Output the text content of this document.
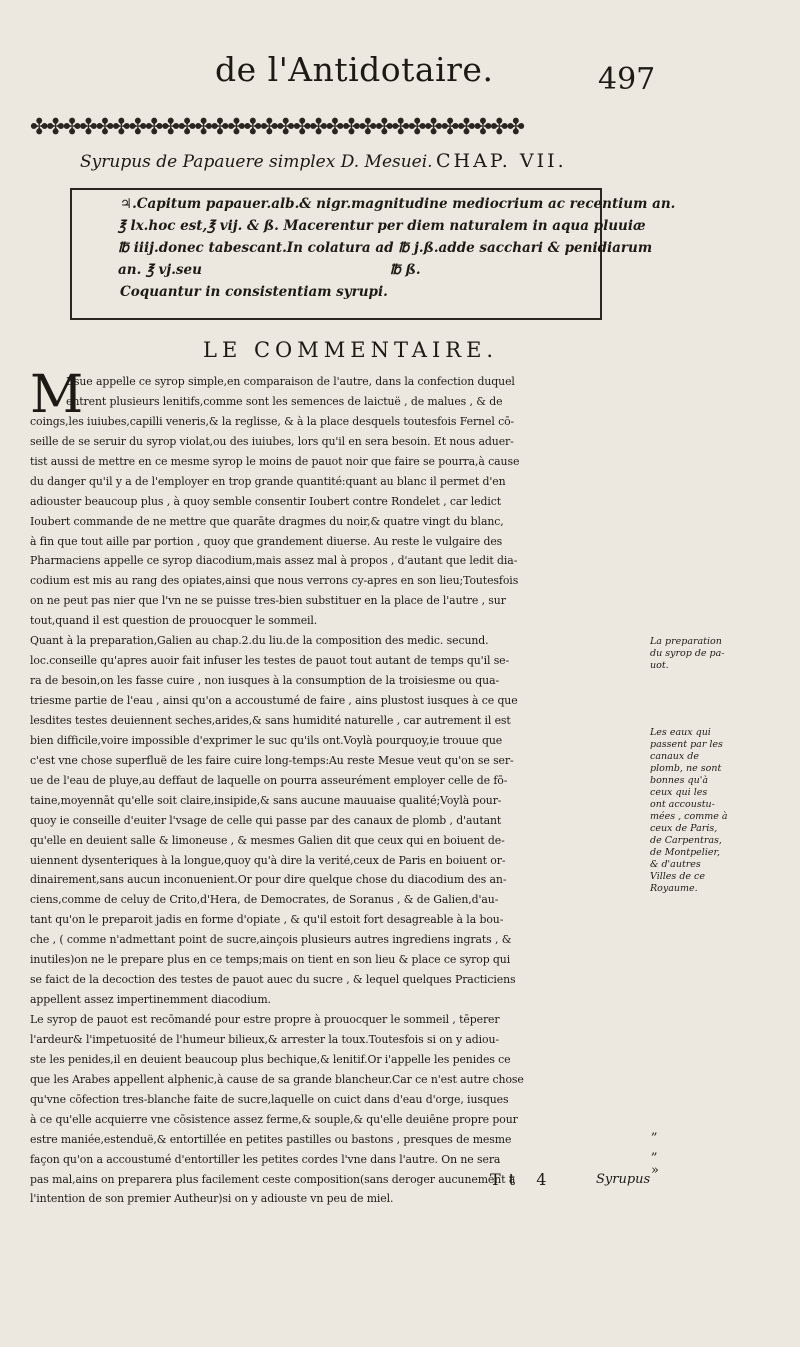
de l'Antidotaire.	497
✤✤✤✤✤✤✤✤✤✤✤✤✤✤✤✤✤✤✤✤✤✤✤✤✤✤✤✤✤✤
Syrupus de Papauere simplex D. Mesuei. CHAP. VII.
♃.Capitum papauer.alb.& nigr.magnitudine mediocrium ac recentium an.
℥ lx.hoc est,℥ vij. & ß. Macerentur per diem naturalem in aqua pluuiæ
℔ iiij.donec tabescant.In colatura ad ℔ j.ß.adde sacchari & penidiarum
an. ℥ vj.seu                                        ℔ ß.
Coquantur in consistentiam syrupi.
LE COMMENTAIRE.
M
Esue appelle ce syrop simple,en comparaison de l'autre, dans la confection duquel
entrent plusieurs lenitifs,comme sont les semences de laictuë , de malues , & de
coings,les iuiubes,capilli veneris,& la reglisse, & à la place desquels toutesfois Fernel cō-
seille de se seruir du syrop violat,ou des iuiubes, lors qu'il en sera besoin. Et nous aduer-
tist aussi de mettre en ce mesme syrop le moins de pauot noir que faire se pourra,à cause
du danger qu'il y a de l'employer en trop grande quantité:quant au blanc il permet d'en
adiouster beaucoup plus , à quoy semble consentir Ioubert contre Rondelet , car ledict
Ioubert commande de ne mettre que quarāte dragmes du noir,& quatre vingt du blanc,
à fin que tout aille par portion , quoy que grandement diuerse. Au reste le vulgaire des
Pharmaciens appelle ce syrop diacodium,mais assez mal à propos , d'autant que ledit dia-
codium est mis au rang des opiates,ainsi que nous verrons cy-apres en son lieu;Toutesfois
on ne peut pas nier que l'vn ne se puisse tres-bien substituer en la place de l'autre , sur
tout,quand il est question de prouocquer le sommeil.
Quant à la preparation,Galien au chap.2.du liu.de la composition des medic. secund.
loc.conseille qu'apres auoir fait infuser les testes de pauot tout autant de temps qu'il se-
ra de besoin,on les fasse cuire , non iusques à la consumption de la troisiesme ou qua-
triesme partie de l'eau , ainsi qu'on a accoustumé de faire , ains plustost iusques à ce que
lesdites testes deuiennent seches,arides,& sans humidité naturelle , car autrement il est
bien difficile,voire impossible d'exprimer le suc qu'ils ont.Voylà pourquoy,ie trouue que
c'est vne chose superfluë de les faire cuire long-temps:Au reste Mesue veut qu'on se ser-
ue de l'eau de pluye,au deffaut de laquelle on pourra asseurément employer celle de fō-
taine,moyennāt qu'elle soit claire,insipide,& sans aucune mauuaise qualité;Voylà pour-
quoy ie conseille d'euiter l'vsage de celle qui passe par des canaux de plomb , d'autant
qu'elle en deuient salle & limoneuse , & mesmes Galien dit que ceux qui en boiuent de-
uiennent dysenteriques à la longue,quoy qu'à dire la verité,ceux de Paris en boiuent or-
dinairement,sans aucun inconuenient.Or pour dire quelque chose du diacodium des an-
ciens,comme de celuy de Crito,d'Hera, de Democrates, de Soranus , & de Galien,d'au-
tant qu'on le preparoit jadis en forme d'opiate , & qu'il estoit fort desagreable à la bou-
che , ( comme n'admettant point de sucre,ainçois plusieurs autres ingrediens ingrats , &
inutiles)on ne le prepare plus en ce temps;mais on tient en son lieu & place ce syrop qui
se faict de la decoction des testes de pauot auec du sucre , & lequel quelques Practiciens
appellent assez impertinemment diacodium.
Le syrop de pauot est recōmandé pour estre propre à prouocquer le sommeil , tēperer
l'ardeur& l'impetuosité de l'humeur bilieux,& arrester la toux.Toutesfois si on y adiou-
ste les penides,il en deuient beaucoup plus bechique,& lenitif.Or i'appelle les penides ce
que les Arabes appellent alphenic,à cause de sa grande blancheur.Car ce n'est autre chose
qu'vne cōfection tres-blanche faite de sucre,laquelle on cuict dans d'eau d'orge, iusques
à ce qu'elle acquierre vne cōsistence assez ferme,& souple,& qu'elle deuiēne propre pour
estre maniée,estenduë,& entortillée en petites pastilles ou bastons , presques de mesme
façon qu'on a accoustumé d'entortiller les petites cordes l'vne dans l'autre. On ne sera
pas mal,ains on preparera plus facilement ceste composition(sans deroger aucunement à
l'intention de son premier Autheur)si on y adiouste vn peu de miel.
La preparation
du syrop de pa-
uot.
Les eaux qui
passent par les
canaux de
plomb, ne sont
bonnes qu'à
ceux qui les
ont accoustu-
mées , comme à
ceux de Paris,
de Carpentras,
de Montpelier,
& d'autres
Villes de ce
Royaume.
„
„
»
Tt 4	Syrupus
